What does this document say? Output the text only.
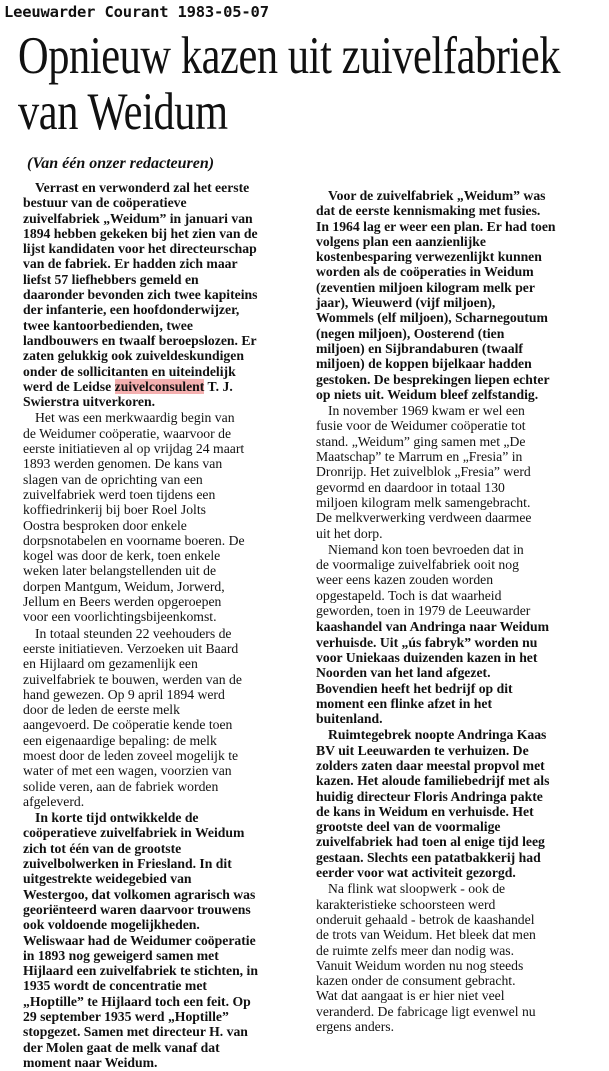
Leeuwarder Courant 1983-05-07
Opnieuw kazen uit zuivelfabriek
van Weidum
(Van één onzer redacteuren)

Verrast en verwonderd zal het eerste
bestuur van de coöperatieve
zuivelfabriek „Weidum” in januari van
1894 hebben gekeken bij het zien van de
lijst kandidaten voor het directeurschap
van de fabriek. Er hadden zich maar
liefst 57 liefhebbers gemeld en
daaronder bevonden zich twee kapiteins
der infanterie, een hoofdonderwijzer,
twee kantoorbedienden, twee
landbouwers en twaalf beroepslozen. Er
zaten gelukkig ook zuiveldeskundigen
onder de sollicitanten en uiteindelijk
werd de Leidse zuivelconsulent T. J.
Swierstra uitverkoren.

Het was een merkwaardig begin van
de Weidumer coöperatie, waarvoor de
eerste initiatieven al op vrijdag 24 maart
1893 werden genomen. De kans van
slagen van de oprichting van een
zuivelfabriek werd toen tijdens een
koffiedrinkerij bij boer Roel Jolts
Oostra besproken door enkele
dorpsnotabelen en voorname boeren. De
kogel was door de kerk, toen enkele
weken later belangstellenden uit de
dorpen Mantgum, Weidum, Jorwerd,
Jellum en Beers werden opgeroepen
voor een voorlichtingsbijeenkomst.

In totaal steunden 22 veehouders de
eerste initiatieven. Verzoeken uit Baard
en Hijlaard om gezamenlijk een
zuivelfabriek te bouwen, werden van de
hand gewezen. Op 9 april 1894 werd
door de leden de eerste melk
aangevoerd. De coöperatie kende toen
een eigenaardige bepaling: de melk
moest door de leden zoveel mogelijk te
water of met een wagen, voorzien van
solide veren, aan de fabriek worden
afgeleverd.

In korte tijd ontwikkelde de
coöperatieve zuivelfabriek in Weidum
zich tot één van de grootste
zuivelbolwerken in Friesland. In dit
uitgestrekte weidegebied van
Westergoo, dat volkomen agrarisch was
georiënteerd waren daarvoor trouwens
ook voldoende mogelijkheden.
Weliswaar had de Weidumer coöperatie
in 1893 nog geweigerd samen met
Hijlaard een zuivelfabriek te stichten, in
1935 wordt de concentratie met
„Hoptille” te Hijlaard toch een feit. Op
29 september 1935 werd „Hoptille”
stopgezet. Samen met directeur H. van
der Molen gaat de melk vanaf dat
moment naar Weidum.

Voor de zuivelfabriek „Weidum” was
dat de eerste kennismaking met fusies.
In 1964 lag er weer een plan. Er had toen
volgens plan een aanzienlijke
kostenbesparing verwezenlijkt kunnen
worden als de coöperaties in Weidum
(zeventien miljoen kilogram melk per
jaar), Wieuwerd (vijf miljoen),
Wommels (elf miljoen), Scharnegoutum
(negen miljoen), Oosterend (tien
miljoen) en Sijbrandaburen (twaalf
miljoen) de koppen bijelkaar hadden
gestoken. De besprekingen liepen echter
op niets uit. Weidum bleef zelfstandig.

In november 1969 kwam er wel een
fusie voor de Weidumer coöperatie tot
stand. „Weidum” ging samen met „De
Maatschap” te Marrum en „Fresia” in
Dronrijp. Het zuivelblok „Fresia” werd
gevormd en daardoor in totaal 130
miljoen kilogram melk samengebracht.
De melkverwerking verdween daarmee
uit het dorp.

Niemand kon toen bevroeden dat in
de voormalige zuivelfabriek ooit nog
weer eens kazen zouden worden
opgestapeld. Toch is dat waarheid
geworden, toen in 1979 de Leeuwarder

kaashandel van Andringa naar Weidum
verhuisde. Uit „ús fabryk” worden nu
voor Uniekaas duizenden kazen in het
Noorden van het land afgezet.
Bovendien heeft het bedrijf op dit
moment een flinke afzet in het
buitenland.

Ruimtegebrek noopte Andringa Kaas
BV uit Leeuwarden te verhuizen. De
zolders zaten daar meestal propvol met
kazen. Het aloude familiebedrijf met als
huidig directeur Floris Andringa pakte
de kans in Weidum en verhuisde. Het
grootste deel van de voormalige
zuivelfabriek had toen al enige tijd leeg
gestaan. Slechts een patatbakkerij had
eerder voor wat activiteit gezorgd.

Na flink wat sloopwerk - ook de
karakteristieke schoorsteen werd
onderuit gehaald - betrok de kaashandel
de trots van Weidum. Het bleek dat men
de ruimte zelfs meer dan nodig was.
Vanuit Weidum worden nu nog steeds
kazen onder de consument gebracht.
Wat dat aangaat is er hier niet veel
veranderd. De fabricage ligt evenwel nu
ergens anders.
